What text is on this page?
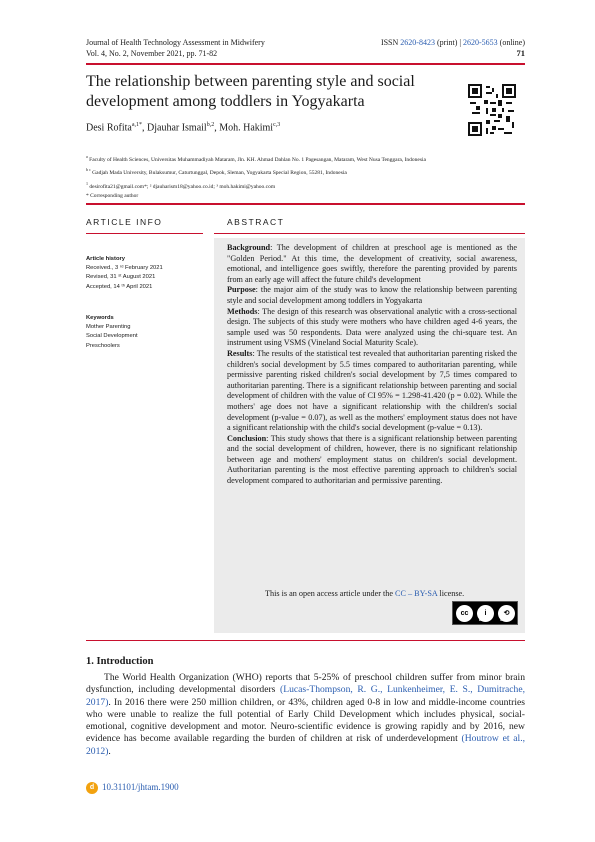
Journal of Health Technology Assessment in Midwifery
Vol. 4, No. 2, November 2021, pp. 71-82
ISSN 2620-8423 (print) | 2620-5653 (online)
71
The relationship between parenting style and social development among toddlers in Yogyakarta
Desi Rofita$^{a,1*}$, Djauhar Ismail$^{b,2}$, Moh. Hakimi$^{c,3}$
$^a$ Faculty of Health Sciences, Universitas Muhammadiyah Mataram, Jln. KH. Ahmad Dahlan No. 1 Pagesangan, Mataram, West Nusa Tenggara, Indonesia
$^{b c}$ Gadjah Mada University, Bulaksumur, Caturtunggal, Depok, Sleman, Yogyakarta Special Region, 55281, Indonesia
$^1$ desirofita21@gmail.com*; ² djauharism18@yahoo.co.id; ³ moh.hakimi@yahoo.com
* Corresponding author
ARTICLE INFO	ABSTRACT
Article history
Received., 3 ʳᵈ February 2021
Revised, 31 ˢᵗ August 2021
Accepted, 14 ᵗʰ April 2021
Keywords
Mother Parenting
Social Development
Preschoolers

Background: The development of children at preschool age is mentioned as the "Golden Period." At this time, the development of creativity, social awareness, emotional, and intelligence goes swiftly, therefore the parenting provided by parents from an early age will affect the future child's development

Purpose: the major aim of the study was to know the relationship between parenting style and social development among toddlers in Yogyakarta

Methods: The design of this research was observational analytic with a cross-sectional design. The subjects of this study were mothers who have children aged 4-6 years, the sample used was 50 respondents. Data were analyzed using the chi-square test. An instrument using VSMS (Vineland Social Maturity Scale).

Results: The results of the statistical test revealed that authoritarian parenting risked the children's social development by 5.5 times compared to authoritarian parenting, while permissive parenting risked children's social development by 7,5 times compared to authoritarian parenting. There is a significant relationship between parenting and social development of children with the value of CI 95% = 1.298-41.420 (p = 0.02). While the mothers' age does not have a significant relationship with the children's social development (p-value = 0.07), as well as the mothers' employment status does not have a significant relationship with the child's social development (p-value = 0.13).

Conclusion: This study shows that there is a significant relationship between parenting and the social development of children, however, there is no significant relationship between age and mothers' employment status on children's social development. Authoritarian parenting is the most effective parenting approach to children's social development compared to authoritarian and permissive parenting.

This is an open access article under the CC – BY-SA license.
cc	i	⟲
BY	SA
1. Introduction
The World Health Organization (WHO) reports that 5-25% of preschool children suffer from minor brain dysfunction, including developmental disorders (Lucas-Thompson, R. G., Lunkenheimer, E. S., Dumitrache, 2017). In 2016 there were 250 million children, or 43%, children aged 0-8 in low and middle-income countries who were unable to realize the full potential of Early Child Development which includes physical, social-emotional, cognitive development and motor. Neuro-scientific evidence is growing rapidly and by 2016, new evidence has become available regarding the burden of children at risk of underdevelopment (Houtrow et al., 2012).
d 10.31101/jhtam.1900
